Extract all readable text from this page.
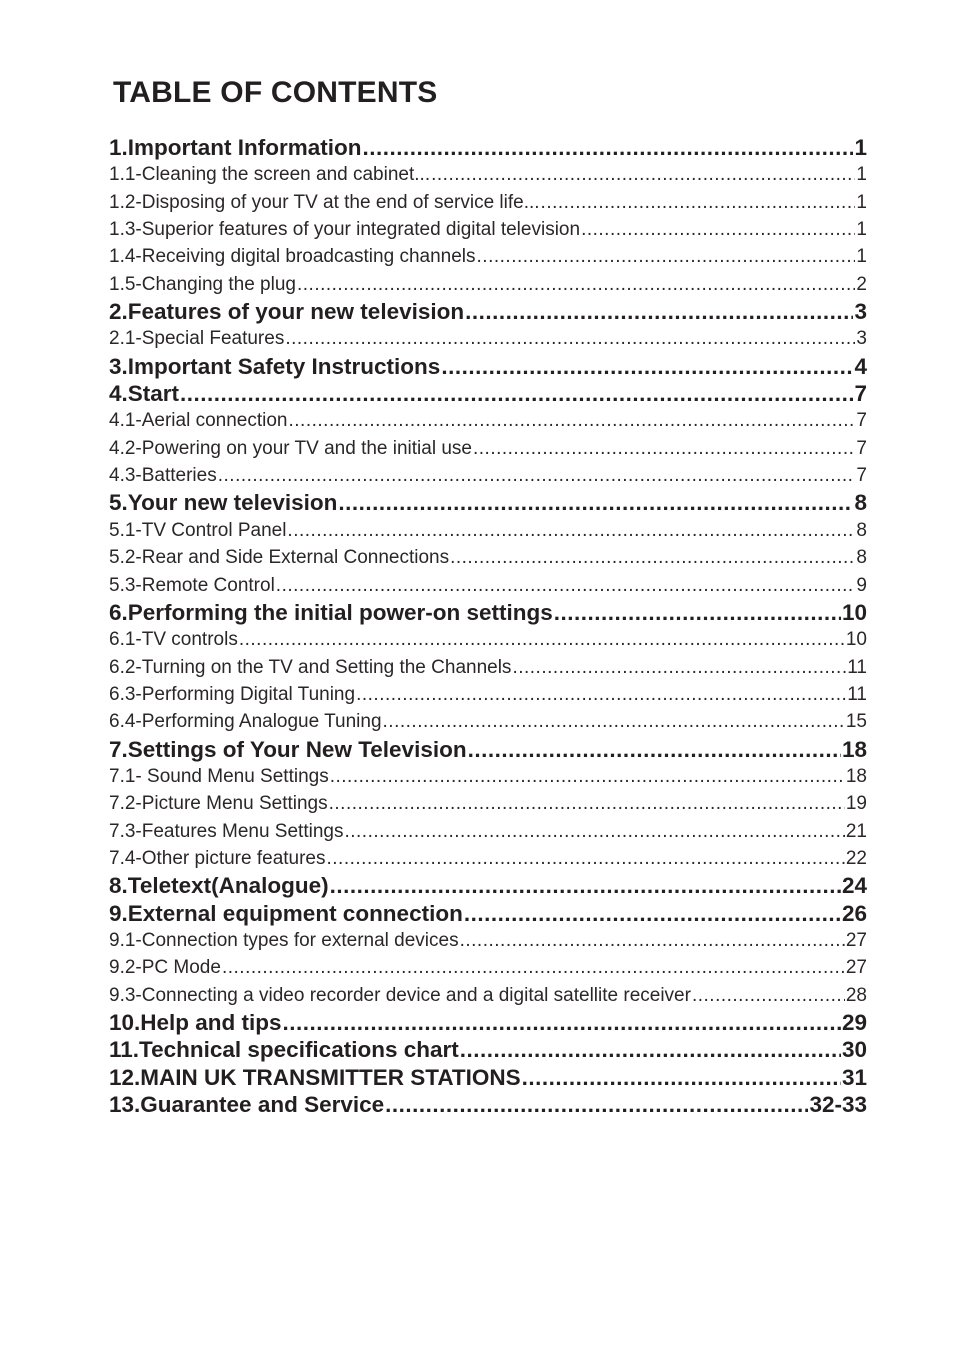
TABLE OF CONTENTS
1.Important Information .....	1
1.1-Cleaning the screen and cabinet... .....	1
1.2-Disposing of your TV at the end of service life... .....	1
1.3-Superior features of your integrated digital television .....	1
1.4-Receiving digital broadcasting channels .....	1
1.5-Changing the plug .....	2
2.Features of your new television .....	3
2.1-Special Features .....	3
3.Important Safety Instructions .....	4
4.Start .....	7
4.1-Aerial connection .....	7
4.2-Powering on your TV and the initial use .....	7
4.3-Batteries .....	7
5.Your new television .....	8
5.1-TV Control Panel .....	8
5.2-Rear and Side External Connections .....	8
5.3-Remote Control .....	9
6.Performing the initial power-on settings .....	10
6.1-TV controls .....	10
6.2-Turning on the TV and Setting the Channels .....	11
6.3-Performing Digital Tuning .....	11
6.4-Performing Analogue Tuning .....	15
7.Settings of Your New Television .....	18
7.1- Sound Menu Settings .....	18
7.2-Picture Menu Settings .....	19
7.3-Features Menu Settings .....	21
7.4-Other picture features .....	22
8.Teletext(Analogue) .....	24
9.External equipment connection .....	26
9.1-Connection types for external devices .....	27
9.2-PC Mode .....	27
9.3-Connecting a video recorder device and a digital satellite receiver .....	28
10.Help and tips .....	29
11.Technical specifications chart .....	30
12.MAIN UK TRANSMITTER STATIONS .....	31
13.Guarantee and Service .....	32-33
